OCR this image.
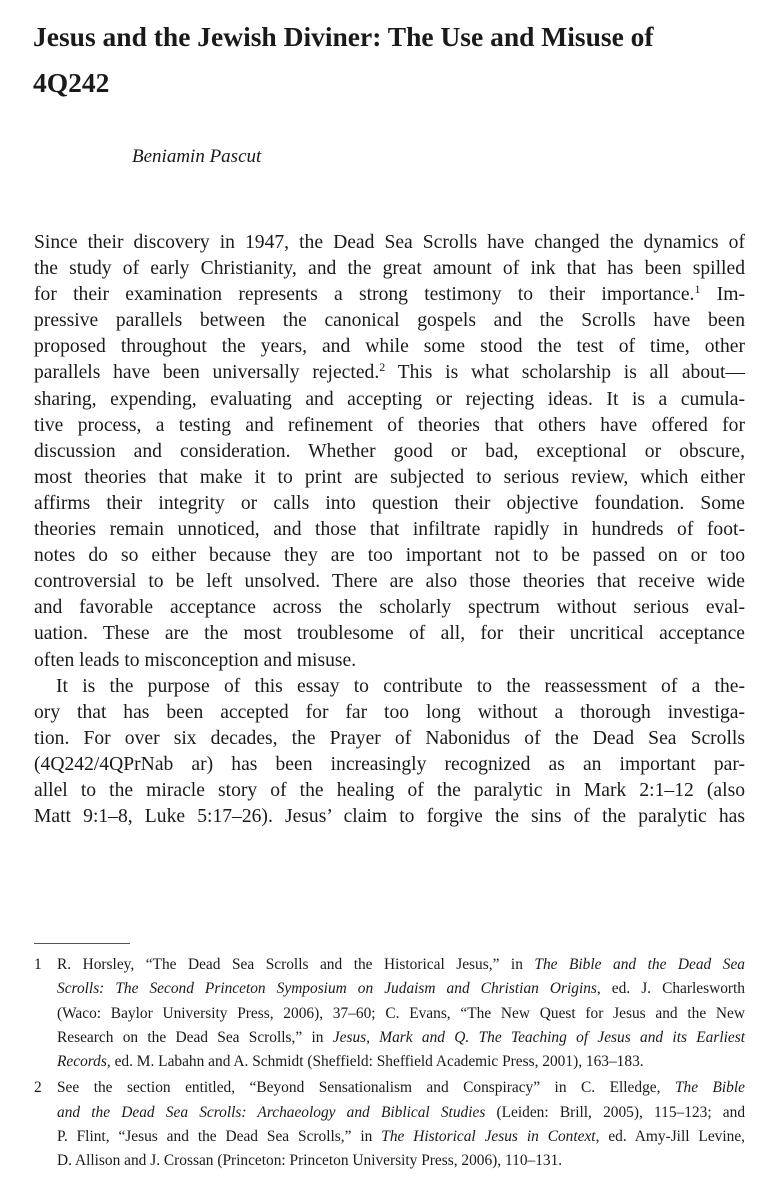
Jesus and the Jewish Diviner: The Use and Misuse of
4Q242

Beniamin Pascut

Since their discovery in 1947, the Dead Sea Scrolls have changed the dynamics of
the study of early Christianity, and the great amount of ink that has been spilled
for their examination represents a strong testimony to their importance.$^1$ Im-
pressive parallels between the canonical gospels and the Scrolls have been
proposed throughout the years, and while some stood the test of time, other
parallels have been universally rejected.$^2$ This is what scholarship is all about—
sharing, expending, evaluating and accepting or rejecting ideas. It is a cumula-
tive process, a testing and refinement of theories that others have offered for
discussion and consideration. Whether good or bad, exceptional or obscure,
most theories that make it to print are subjected to serious review, which either
affirms their integrity or calls into question their objective foundation. Some
theories remain unnoticed, and those that infiltrate rapidly in hundreds of foot-
notes do so either because they are too important not to be passed on or too
controversial to be left unsolved. There are also those theories that receive wide
and favorable acceptance across the scholarly spectrum without serious eval-
uation. These are the most troublesome of all, for their uncritical acceptance
often leads to misconception and misuse.
It is the purpose of this essay to contribute to the reassessment of a the-
ory that has been accepted for far too long without a thorough investiga-
tion. For over six decades, the Prayer of Nabonidus of the Dead Sea Scrolls
(4Q242/4QPrNab ar) has been increasingly recognized as an important par-
allel to the miracle story of the healing of the paralytic in Mark 2:1–12 (also
Matt 9:1–8, Luke 5:17–26). Jesus’ claim to forgive the sins of the paralytic has
1 R. Horsley, “The Dead Sea Scrolls and the Historical Jesus,” in The Bible and the Dead Sea
Scrolls: The Second Princeton Symposium on Judaism and Christian Origins, ed. J. Charlesworth
(Waco: Baylor University Press, 2006), 37–60; C. Evans, “The New Quest for Jesus and the New
Research on the Dead Sea Scrolls,” in Jesus, Mark and Q. The Teaching of Jesus and its Earliest
Records, ed. M. Labahn and A. Schmidt (Sheffield: Sheffield Academic Press, 2001), 163–183.
2 See the section entitled, “Beyond Sensationalism and Conspiracy” in C. Elledge, The Bible
and the Dead Sea Scrolls: Archaeology and Biblical Studies (Leiden: Brill, 2005), 115–123; and
P. Flint, “Jesus and the Dead Sea Scrolls,” in The Historical Jesus in Context, ed. Amy-Jill Levine,
D. Allison and J. Crossan (Princeton: Princeton University Press, 2006), 110–131.
